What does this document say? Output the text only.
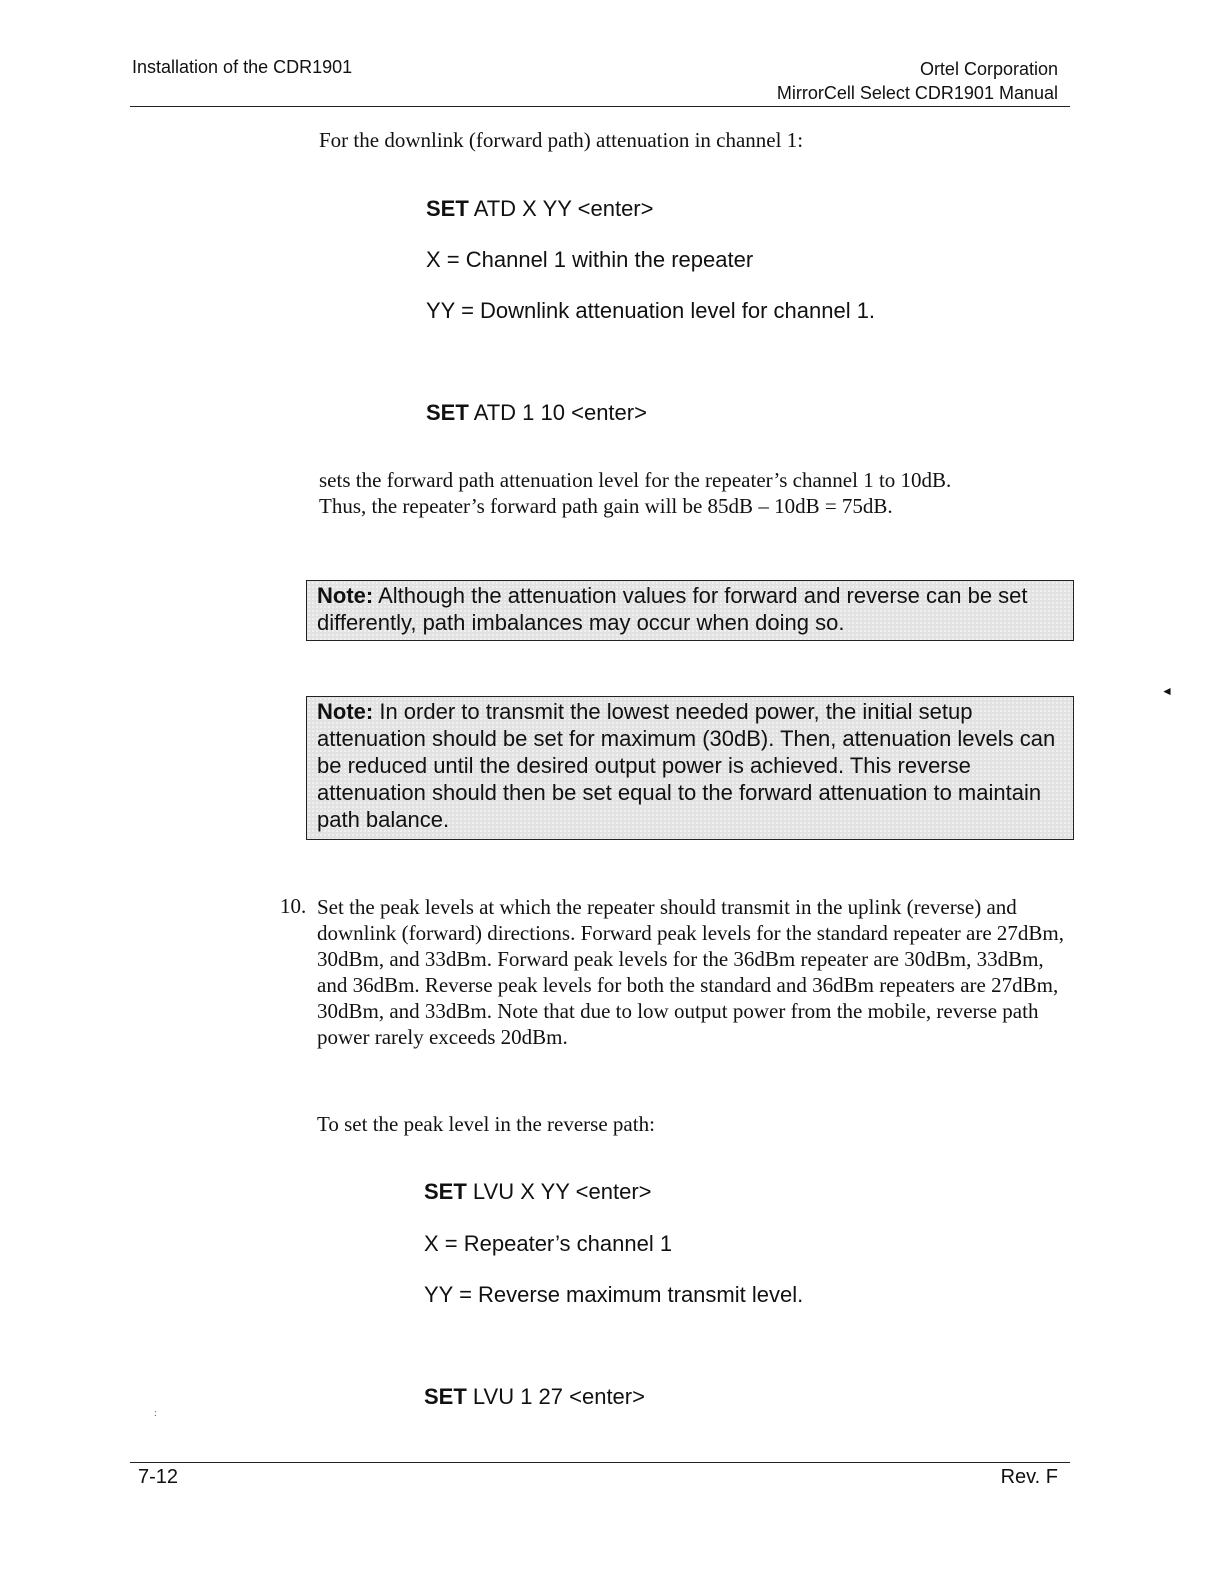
Installation of the CDR1901	Ortel Corporation
MirrorCell Select CDR1901 Manual
For the downlink (forward path) attenuation in channel 1:
SET ATD X YY <enter>
X = Channel 1 within the repeater
YY = Downlink attenuation level for channel 1.
SET ATD 1 10 <enter>
sets the forward path attenuation level for the repeater’s channel 1 to 10dB.
Thus, the repeater’s forward path gain will be 85dB – 10dB = 75dB.
Note: Although the attenuation values for forward and reverse can be set differently, path imbalances may occur when doing so.
◄
Note: In order to transmit the lowest needed power, the initial setup attenuation should be set for maximum (30dB). Then, attenuation levels can be reduced until the desired output power is achieved. This reverse attenuation should then be set equal to the forward attenuation to maintain path balance.
10. Set the peak levels at which the repeater should transmit in the uplink (reverse) and downlink (forward) directions. Forward peak levels for the standard repeater are 27dBm, 30dBm, and 33dBm. Forward peak levels for the 36dBm repeater are 30dBm, 33dBm, and 36dBm. Reverse peak levels for both the standard and 36dBm repeaters are 27dBm, 30dBm, and 33dBm. Note that due to low output power from the mobile, reverse path power rarely exceeds 20dBm.
To set the peak level in the reverse path:
SET LVU X YY <enter>
X = Repeater’s channel 1
YY = Reverse maximum transmit level.
SET LVU 1 27 <enter>
:
7-12	Rev. F
